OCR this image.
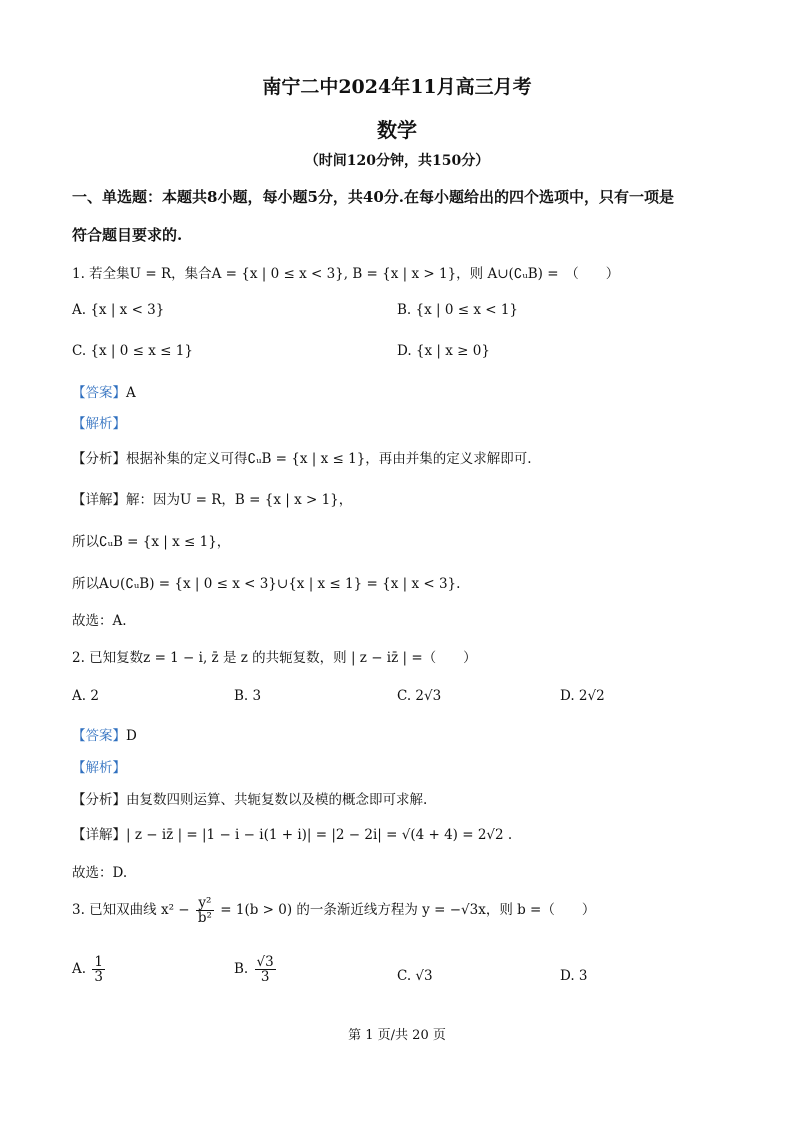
南宁二中2024年11月高三月考
数学
（时间120分钟，共150分）
一、单选题：本题共8小题，每小题5分，共40分.在每小题给出的四个选项中，只有一项是
符合题目要求的.
1. 若全集U = R，集合A = {x | 0 ≤ x < 3}, B = {x | x > 1}，则 A∪(∁ᵤB) =　（　　）
A. {x | x < 3}	B. {x | 0 ≤ x < 1}
C. {x | 0 ≤ x ≤ 1}	D. {x | x ≥ 0}
【答案】A
【解析】
【分析】根据补集的定义可得∁ᵤB = {x | x ≤ 1}，再由并集的定义求解即可.
【详解】解：因为U = R，B = {x | x > 1}，
所以∁ᵤB = {x | x ≤ 1}，
所以A∪(∁ᵤB) = {x | 0 ≤ x < 3}∪{x | x ≤ 1} = {x | x < 3}.
故选：A.
2. 已知复数z = 1 − i, z̄ 是 z 的共轭复数，则 | z − iz̄ | =（　　）
A. 2	B. 3	C. 2√3	D. 2√2
【答案】D
【解析】
【分析】由复数四则运算、共轭复数以及模的概念即可求解.
【详解】| z − iz̄ | = |1 − i − i(1 + i)| = |2 − 2i| = √(4 + 4) = 2√2 .
故选：D.
3. 已知双曲线 $x^2 - \frac{\text{y²}}{\text{b²}} = 1(b > 0)$ 的一条渐近线方程为 y = −√3x，则 b =（　　）
A. $\frac{1}{3}$	B. $\frac{√3}{3}$	C. √3	D. 3
第 1 页/共 20 页
